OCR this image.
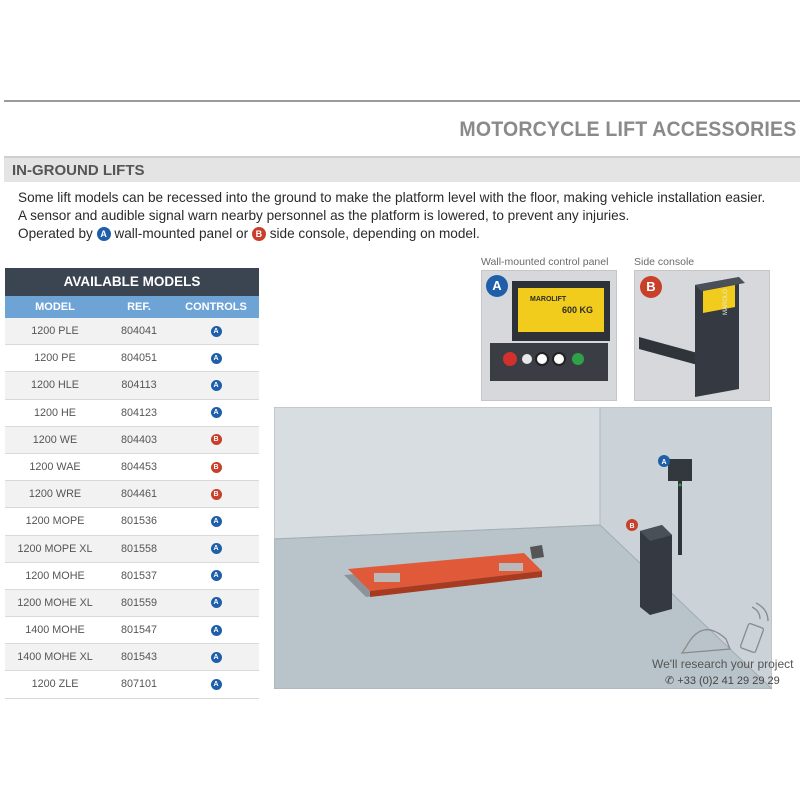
MOTORCYCLE LIFT ACCESSORIES
IN-GROUND LIFTS

Some lift models can be recessed into the ground to make the platform level with the floor, making vehicle installation easier.

A sensor and audible signal warn nearby personnel as the platform is lowered, to prevent any injuries.

Operated by A wall-mounted panel or B side console, depending on model.

AVAILABLE MODELS
MODEL	REF.	CONTROLS
1200 PLE	804041	A
1200 PE	804051	A
1200 HLE	804113	A
1200 HE	804123	A
1200 WE	804403	B
1200 WAE	804453	B
1200 WRE	804461	B
1200 MOPE	801536	A
1200 MOPE XL	801558	A
1200 MOHE	801537	A
1200 MOHE XL	801559	A
1400 MOHE	801547	A
1400 MOHE XL	801543	A
1200 ZLE	807101	A
Wall-mounted control panel
MAROLIFT
600 KG
A
Side console
MAROLO
B
A
B
We'll research your project
✆ +33 (0)2 41 29 29 29
